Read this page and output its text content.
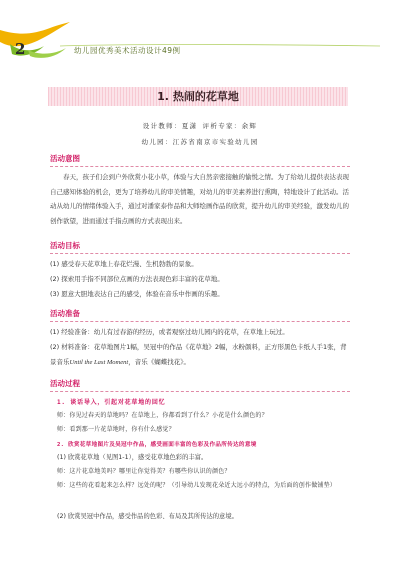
2	幼儿园优秀美术活动设计49例
1. 热闹的花草地
设计教师：夏潇 评析专家：余辉
幼儿园：江苏省南京市实验幼儿园
活动意图
春天，孩子们会到户外欣赏小花小草，体验与大自然亲密接触的愉悦之情。为了给幼儿提供表达表现自己感知体验的机会，更为了培养幼儿的审美情趣，对幼儿的审美素养进行熏陶，特地设计了此活动。活动从幼儿的情绪体验入手，通过对潘家泰作品和大师绘画作品的欣赏，提升幼儿的审美经验，激发幼儿的创作欲望，进而通过手指点画的方式表现出来。
活动目标
(1) 感受春天花草地上春花烂漫、生机勃勃的景象。
(2) 探索用手指不同部位点画的方法表现色彩丰富的花草地。
(3) 愿意大胆地表达自己的感受，体验在音乐中作画的乐趣。
活动准备
(1) 经验准备：幼儿有过春游的经历，或者观察过幼儿园内的花草，在草地上玩过。
(2) 材料准备：花草地图片1幅，吴冠中的作品《花草地》2幅，水粉颜料，正方形黑色卡纸人手1张，背景音乐Until the Last Moment，音乐《蝴蝶找花》。
活动过程
1. 谈话导入，引起对花草地的回忆
师：你见过春天的草地吗？在草地上，你都看到了什么？小花是什么颜色的？
师：看到那一片花草地时，你有什么感觉？
2. 欣赏花草地图片及吴冠中作品，感受画面丰富的色彩及作品所传达的意境
(1) 欣赏花草地（见图1-1），感受花草地色彩的丰富。
师：这片花草地美吗？哪里让你觉得美？有哪些你认识的颜色？
师：这些的花看起来怎么样？远处的呢？（引导幼儿发现花朵近大远小的特点，为后面的创作做铺垫）
(2) 欣赏吴冠中作品，感受作品的色彩、布局及其所传达的意境。
